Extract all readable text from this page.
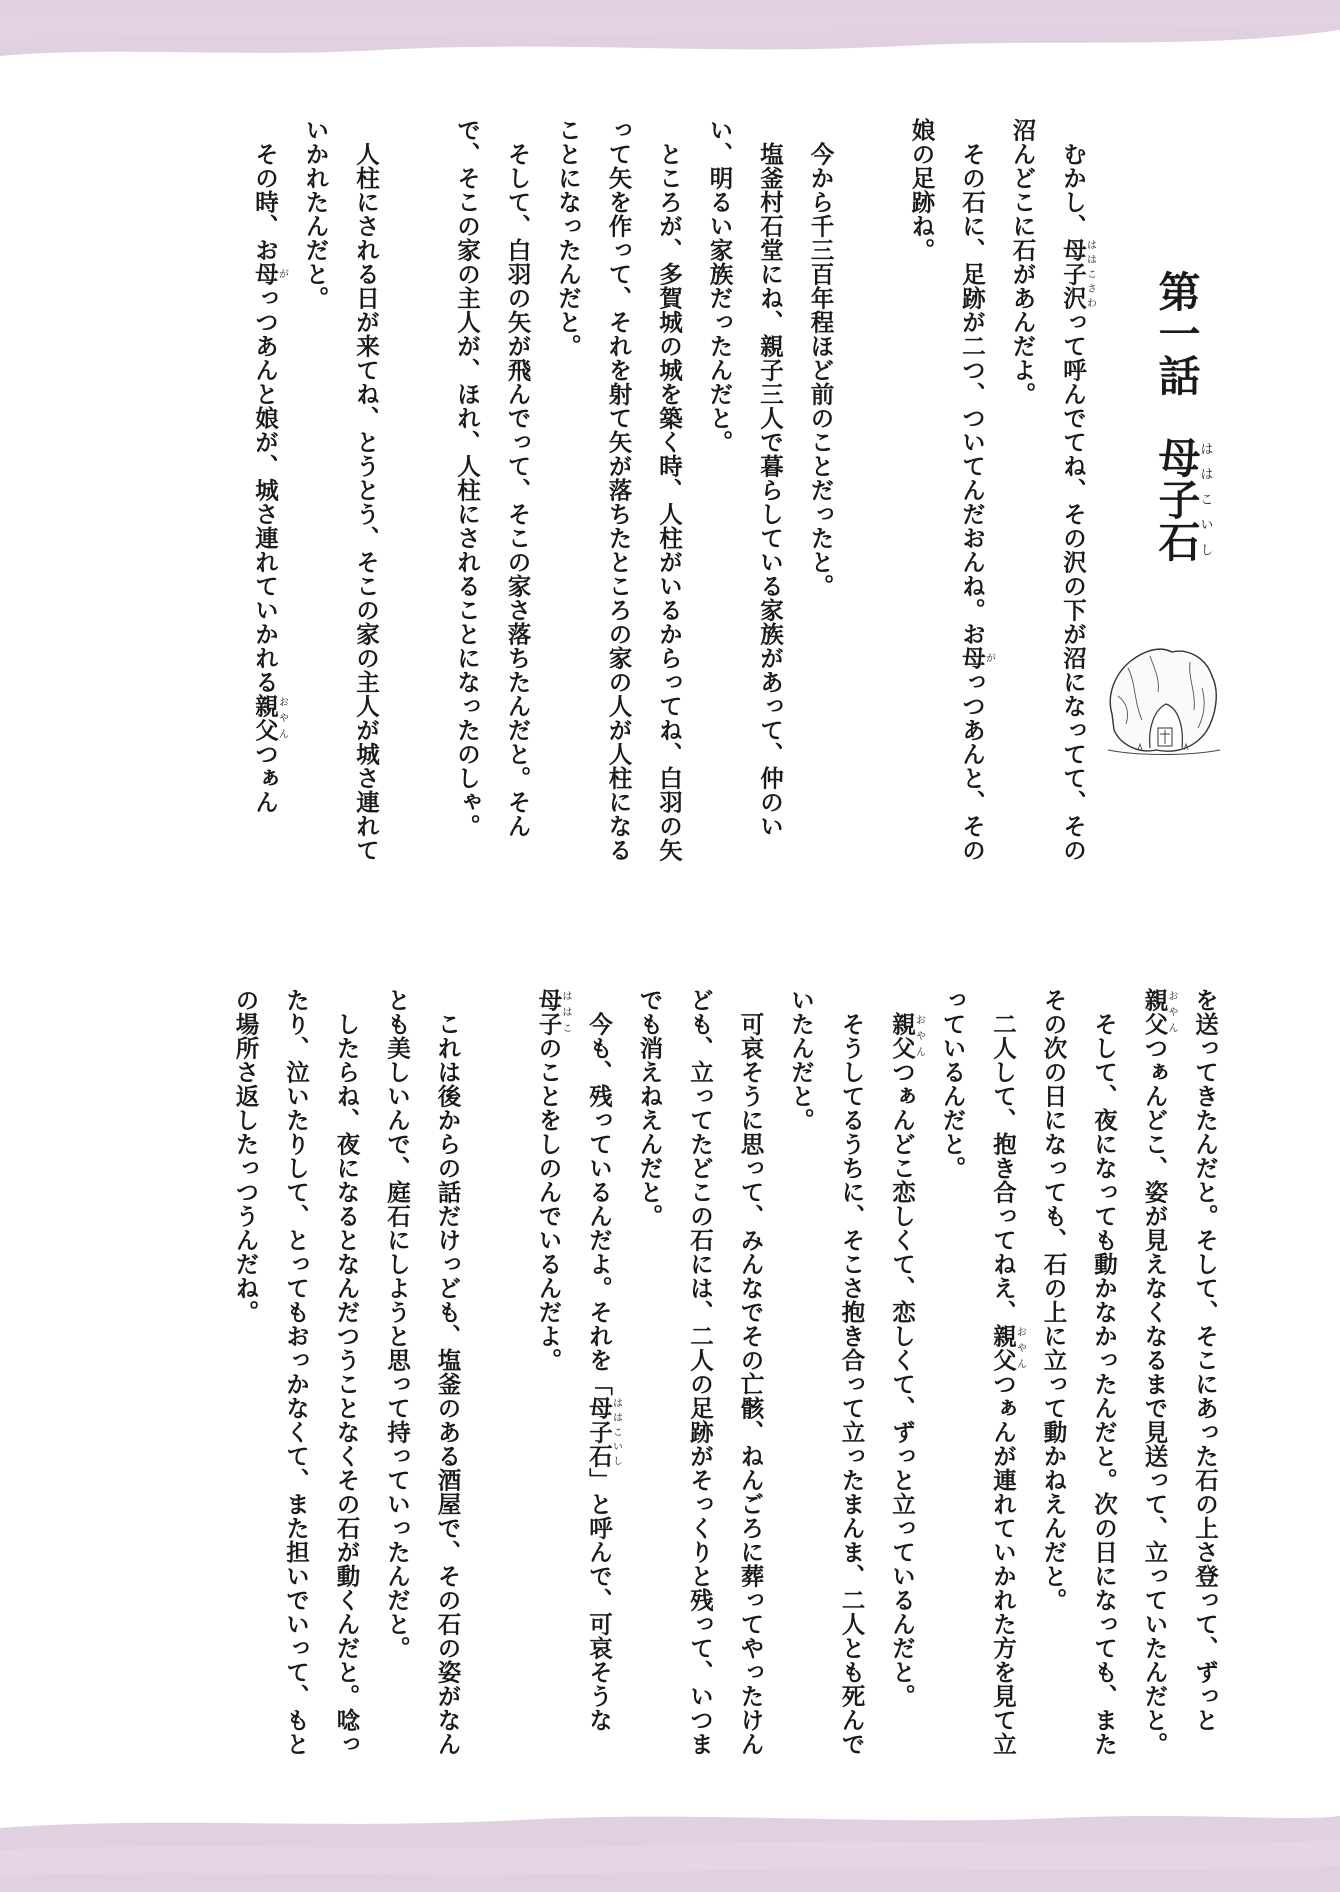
第一話母子石ははこいし

むかし、母子沢ははこさわって呼んでてね、その沢の下が沼になってて、その沼んどこに石があんだよ。

その石に、足跡が二つ、ついてんだおんね。お母がっつあんと、その娘の足跡ね。

今から千三百年程ほど前のことだったと。

塩釜村石堂にね、親子三人で暮らしている家族があって、仲のいい、明るい家族だったんだと。

ところが、多賀城の城を築く時、人柱がいるからってね、白羽の矢って矢を作って、それを射て矢が落ちたところの家の人が人柱になることになったんだと。

そして、白羽の矢が飛んでって、そこの家さ落ちたんだと。そんで、そこの家の主人が、ほれ、人柱にされることになったのしゃ。

人柱にされる日が来てね、とうとう、そこの家の主人が城さ連れていかれたんだと。

その時、お母がっつあんと娘が、城さ連れていかれる親父おやんつぁん

を送ってきたんだと。そして、そこにあった石の上さ登って、ずっと親父おやんつぁんどこ、姿が見えなくなるまで見送って、立っていたんだと。

そして、夜になっても動かなかったんだと。次の日になっても、またその次の日になっても、石の上に立って動かねえんだと。

二人して、抱き合ってねえ、親父おやんつぁんが連れていかれた方を見て立っているんだと。

親父おやんつぁんどこ恋しくて、恋しくて、ずっと立っているんだと。

そうしてるうちに、そこさ抱き合って立ったまんま、二人とも死んでいたんだと。

可哀そうに思って、みんなでその亡骸、ねんごろに葬ってやったけんども、立ってたどこの石には、二人の足跡がそっくりと残って、いつまでも消えねえんだと。

今も、残っているんだよ。それを「母子石ははこいし」と呼んで、可哀そうな母子ははこのことをしのんでいるんだよ。

これは後からの話だけっども、塩釜のある酒屋で、その石の姿がなんとも美しいんで、庭石にしようと思って持っていったんだと。

したらね、夜になるとなんだつうことなくその石が動くんだと。唸ったり、泣いたりして、とってもおっかなくて、また担いでいって、もとの場所さ返したっつうんだね。
